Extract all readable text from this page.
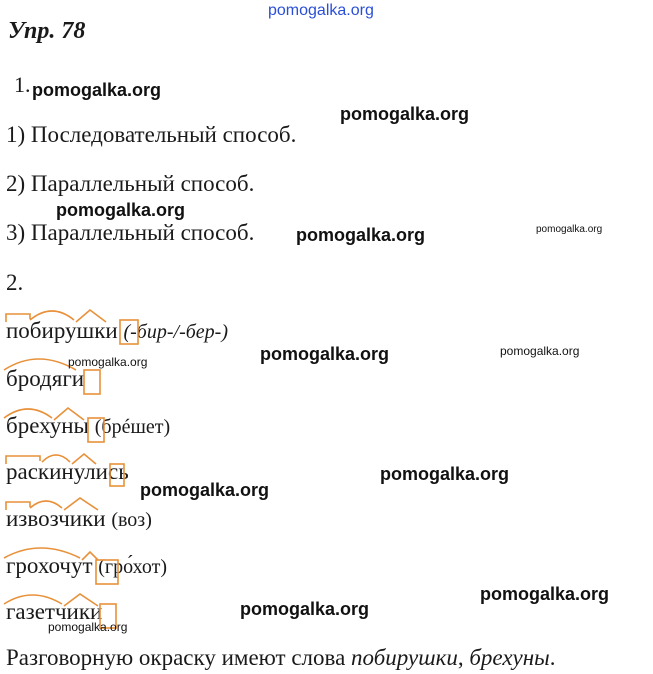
pomogalka.org
Упр. 78
1.
1) Последовательный способ.
2) Параллельный способ.
3) Параллельный способ.
2.
побирушки (-бир-/-бер-)
бродяги
брехуны (брéшет)
раскинулись
извозчики (воз)
грохочут (гро́хот)
газетчики
Разговорную окраску имеют слова побирушки, брехуны.
pomogalka.org
pomogalka.org
pomogalka.org
pomogalka.org	pomogalka.org
pomogalka.org
pomogalka.org
pomogalka.org
pomogalka.org
pomogalka.org
pomogalka.org
pomogalka.org
pomogalka.org
